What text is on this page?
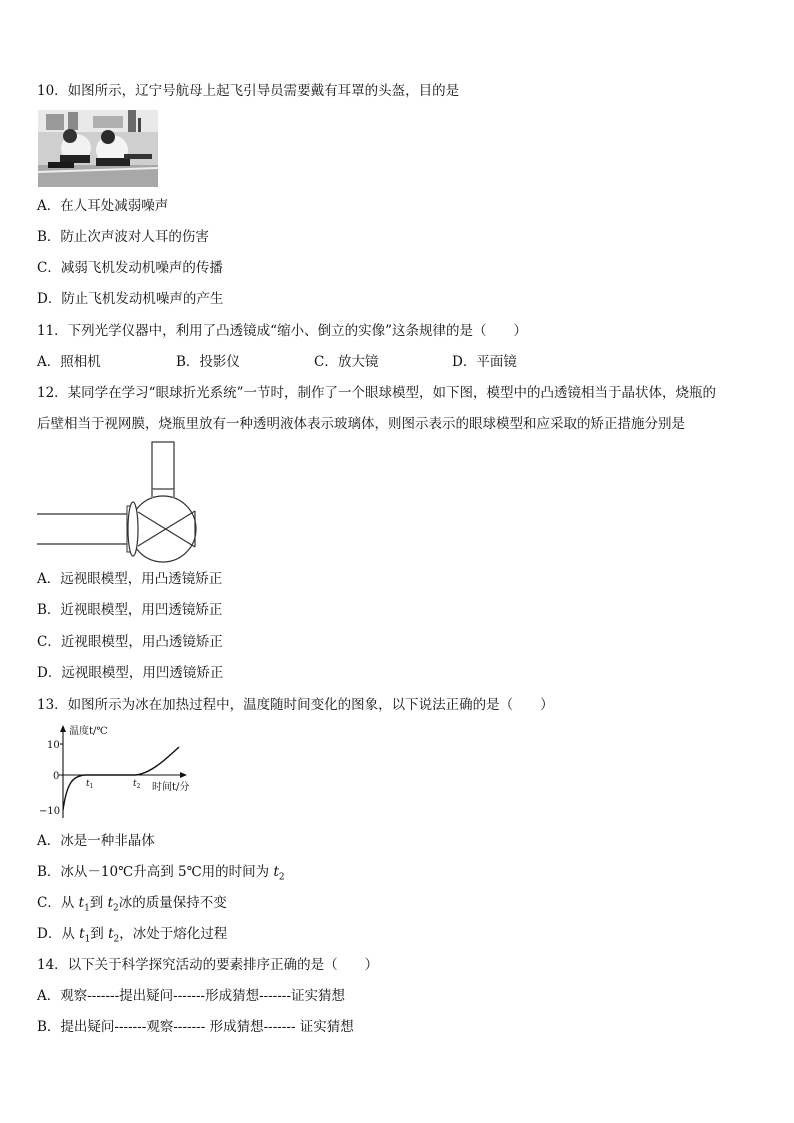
10．如图所示，辽宁号航母上起飞引导员需要戴有耳罩的头盔，目的是
A．在人耳处减弱噪声
B．防止次声波对人耳的伤害
C．减弱飞机发动机噪声的传播
D．防止飞机发动机噪声的产生
11．下列光学仪器中，利用了凸透镜成“缩小、倒立的实像”这条规律的是（　　）
A．照相机	B．投影仪	C．放大镜	D．平面镜
12．某同学在学习“眼球折光系统”一节时，制作了一个眼球模型，如下图，模型中的凸透镜相当于晶状体，烧瓶的
后壁相当于视网膜，烧瓶里放有一种透明液体表示玻璃体，则图示表示的眼球模型和应采取的矫正措施分别是
A．远视眼模型，用凸透镜矫正
B．近视眼模型，用凹透镜矫正
C．近视眼模型，用凸透镜矫正
D．远视眼模型，用凹透镜矫正
13．如图所示为冰在加热过程中，温度随时间变化的图象，以下说法正确的是（　　）
温度t/℃
10
0
−10
$t_1$	$t_2$ 时间t/分
A．冰是一种非晶体
B．冰从－10℃升高到 5℃用的时间为 $t_2$
C．从 $t_1$到 $t_2$冰的质量保持不变
D．从 $t_1$到 $t_2$，冰处于熔化过程
14．以下关于科学探究活动的要素排序正确的是（　　）
A．观察-------提出疑问-------形成猜想-------证实猜想
B．提出疑问-------观察------- 形成猜想------- 证实猜想
